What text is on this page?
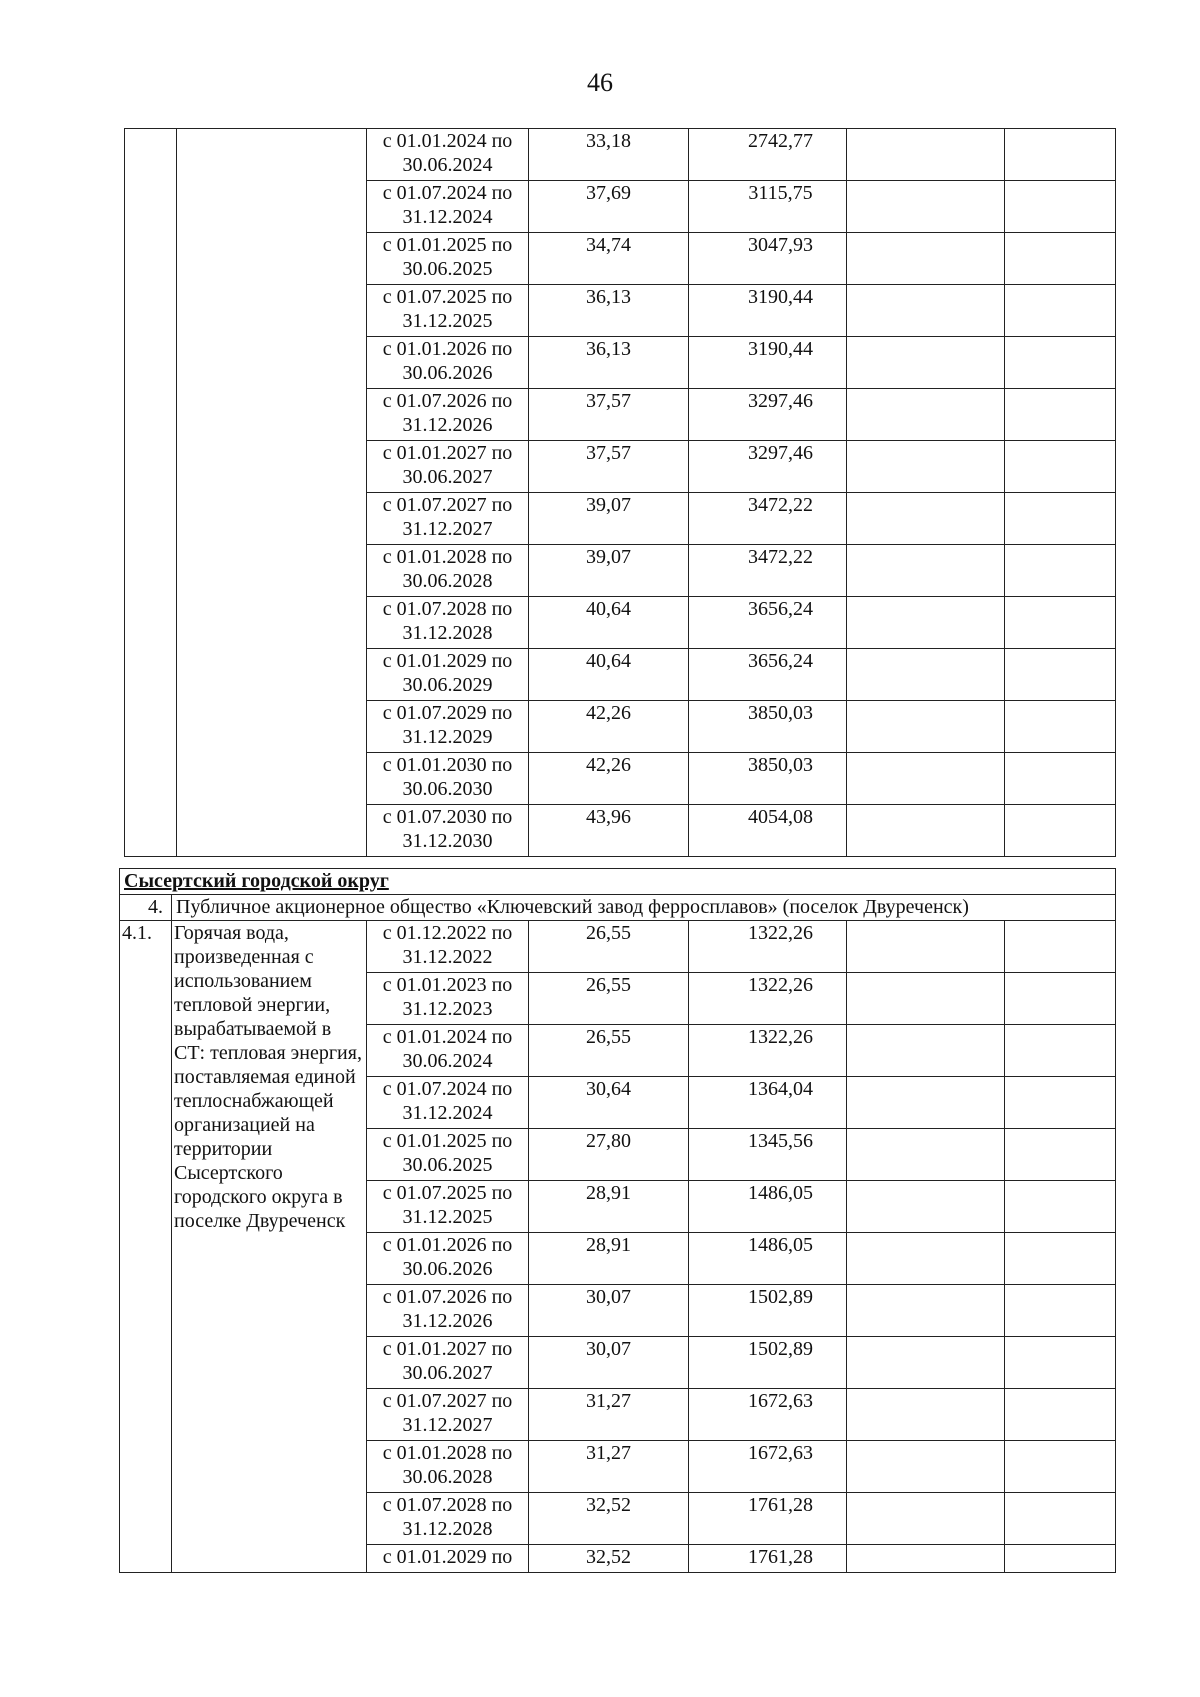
46

		с 01.01.2024 по
30.06.2024	33,18	2742,77		

		с 01.07.2024 по
31.12.2024	37,69	3115,75		

		с 01.01.2025 по
30.06.2025	34,74	3047,93		

		с 01.07.2025 по
31.12.2025	36,13	3190,44		

		с 01.01.2026 по
30.06.2026	36,13	3190,44		

		с 01.07.2026 по
31.12.2026	37,57	3297,46		

		с 01.01.2027 по
30.06.2027	37,57	3297,46		

		с 01.07.2027 по
31.12.2027	39,07	3472,22		

		с 01.01.2028 по
30.06.2028	39,07	3472,22		

		с 01.07.2028 по
31.12.2028	40,64	3656,24		

		с 01.01.2029 по
30.06.2029	40,64	3656,24		

		с 01.07.2029 по
31.12.2029	42,26	3850,03		

		с 01.01.2030 по
30.06.2030	42,26	3850,03		

		с 01.07.2030 по
31.12.2030	43,96	4054,08		
Сысертский городской округ						
4.	Публичное акционерное общество «Ключевский завод ферросплавов» (поселок Двуреченск)					
4.1.	Горячая вода, произведенная с использованием тепловой энергии, вырабатываемой в СТ: тепловая энергия, поставляемая единой теплоснабжающей организацией на территории Сысертского городского округа в поселке Двуреченск	с 01.12.2022 по
31.12.2022	26,55	1322,26		

		с 01.01.2023 по
31.12.2023	26,55	1322,26		

		с 01.01.2024 по
30.06.2024	26,55	1322,26		

		с 01.07.2024 по
31.12.2024	30,64	1364,04		

		с 01.01.2025 по
30.06.2025	27,80	1345,56		

		с 01.07.2025 по
31.12.2025	28,91	1486,05		

		с 01.01.2026 по
30.06.2026	28,91	1486,05		

		с 01.07.2026 по
31.12.2026	30,07	1502,89		

		с 01.01.2027 по
30.06.2027	30,07	1502,89		

		с 01.07.2027 по
31.12.2027	31,27	1672,63		

		с 01.01.2028 по
30.06.2028	31,27	1672,63		

		с 01.07.2028 по
31.12.2028	32,52	1761,28		

		с 01.01.2029 по	32,52	1761,28		
